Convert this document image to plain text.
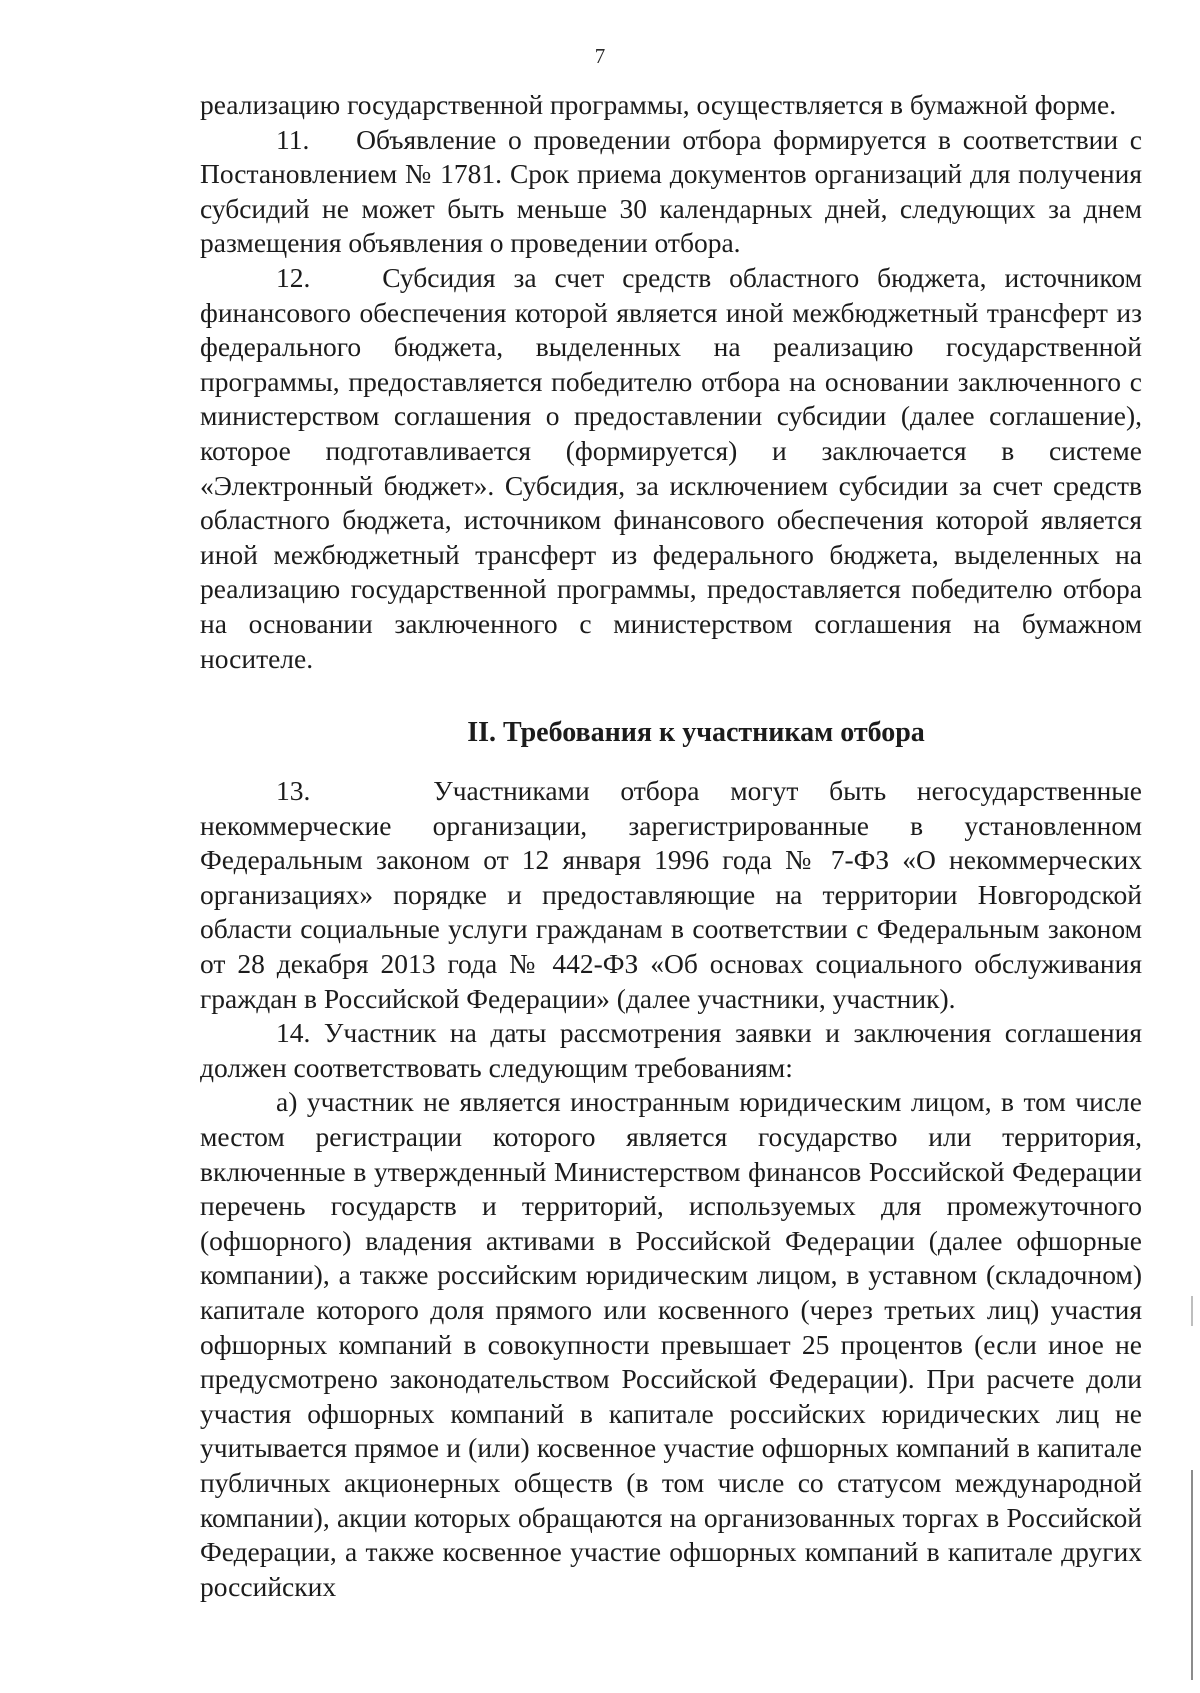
7

реализацию государственной программы, осуществляется в бумажной форме.

11.    Объявление о проведении отбора формируется в соответствии с Постановлением № 1781. Срок приема документов организаций для получения субсидий не может быть меньше 30 календарных дней, следующих за днем размещения объявления о проведении отбора.

12.    Субсидия за счет средств областного бюджета, источником финансового обеспечения которой является иной межбюджетный трансферт из федерального бюджета, выделенных на реализацию государственной программы, предоставляется победителю отбора на основании заключенного с министерством соглашения о предоставлении субсидии (далее соглашение), которое подготавливается (формируется) и заключается в системе «Электронный бюджет». Субсидия, за исключением субсидии за счет средств областного бюджета, источником финансового обеспечения которой является иной межбюджетный трансферт из федерального бюджета, выделенных на реализацию государственной программы, предоставляется победителю отбора на основании заключенного с министерством соглашения на бумажном носителе.

II. Требования к участникам отбора

13.    Участниками отбора могут быть негосударственные некоммерческие организации, зарегистрированные в установленном Федеральным законом от 12 января 1996 года № 7-ФЗ «О некоммерческих организациях» порядке и предоставляющие на территории Новгородской области социальные услуги гражданам в соответствии с Федеральным законом от 28 декабря 2013 года № 442-ФЗ «Об основах социального обслуживания граждан в Российской Федерации» (далее участники, участник).

14. Участник на даты рассмотрения заявки и заключения соглашения должен соответствовать следующим требованиям:

а) участник не является иностранным юридическим лицом, в том числе местом регистрации которого является государство или территория, включенные в утвержденный Министерством финансов Российской Федерации перечень государств и территорий, используемых для промежуточного (офшорного) владения активами в Российской Федерации (далее офшорные компании), а также российским юридическим лицом, в уставном (складочном) капитале которого доля прямого или косвенного (через третьих лиц) участия офшорных компаний в совокупности превышает 25 процентов (если иное не предусмотрено законодательством Российской Федерации). При расчете доли участия офшорных компаний в капитале российских юридических лиц не учитывается прямое и (или) косвенное участие офшорных компаний в капитале публичных акционерных обществ (в том числе со статусом международной компании), акции которых обращаются на организованных торгах в Российской Федерации, а также косвенное участие офшорных компаний в капитале других российских
